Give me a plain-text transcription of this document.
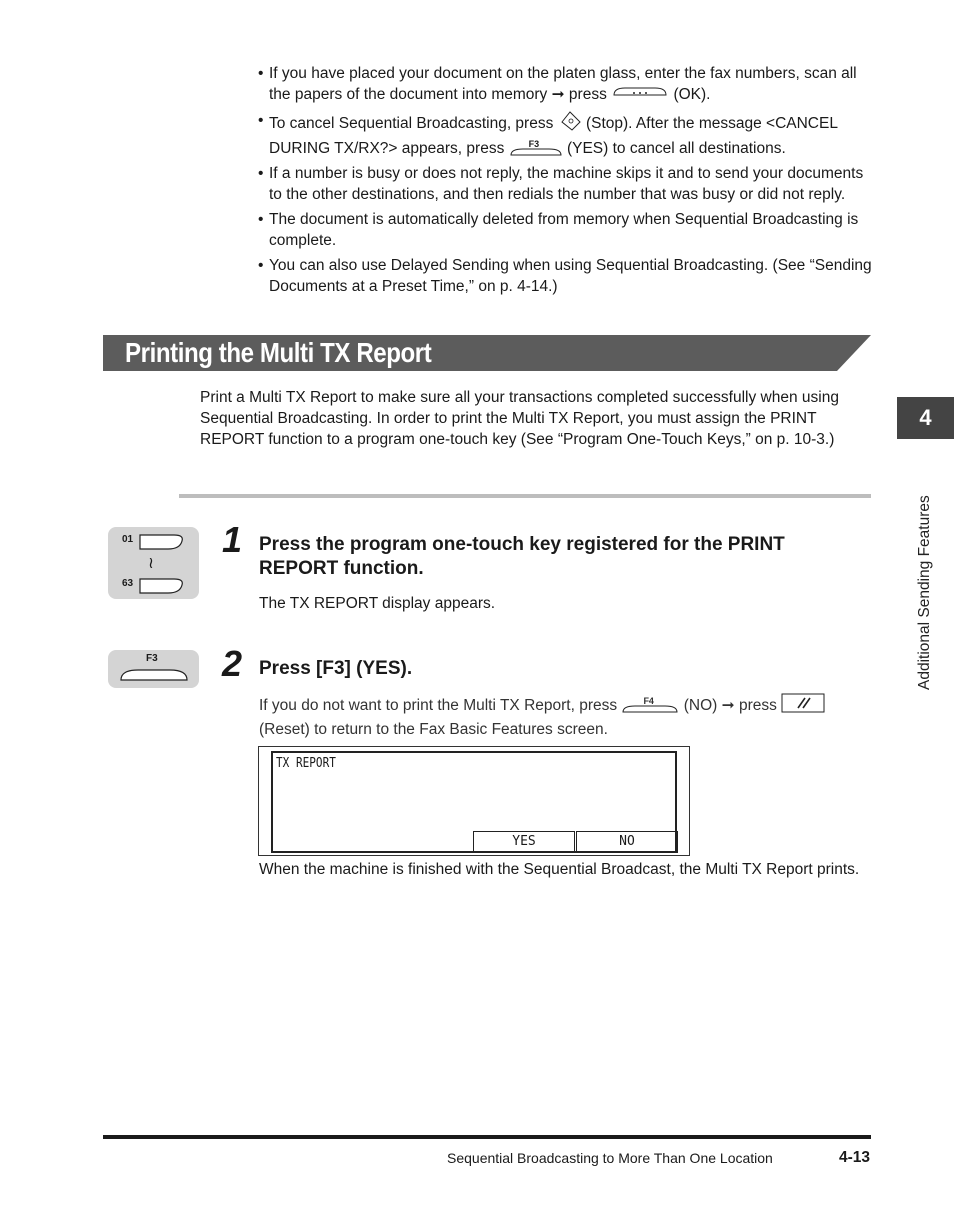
• If you have placed your document on the platen glass, enter the fax numbers, scan all the papers of the document into memory ➞ press	(OK).
• To cancel Sequential Broadcasting, press (Stop). After the message <CANCEL DURING TX/RX?> appears, press	F3 (YES) to cancel all destinations.
• If a number is busy or does not reply, the machine skips it and to send your documents to the other destinations, and then redials the number that was busy or did not reply.
• The document is automatically deleted from memory when Sequential Broadcasting is complete.
• You can also use Delayed Sending when using Sequential Broadcasting. (See “Sending Documents at a Preset Time,” on p. 4-14.)
Printing the Multi TX Report
Print a Multi TX Report to make sure all your transactions completed successfully when using Sequential Broadcasting. In order to print the Multi TX Report, you must assign the PRINT REPORT function to a program one-touch key (See “Program One-Touch Keys,” on p. 10-3.)
01
≀
63
1 Press the program one-touch key registered for the PRINT REPORT function.
The TX REPORT display appears.
F3 2 Press [F3] (YES).
If you do not want to print the Multi TX Report, press	F4 (NO) ➞ press
(Reset) to return to the Fax Basic Features screen.
TX REPORT
YES	NO
When the machine is finished with the Sequential Broadcast, the Multi TX Report prints.
4
Additional Sending Features
Sequential Broadcasting to More Than One Location	4-13
